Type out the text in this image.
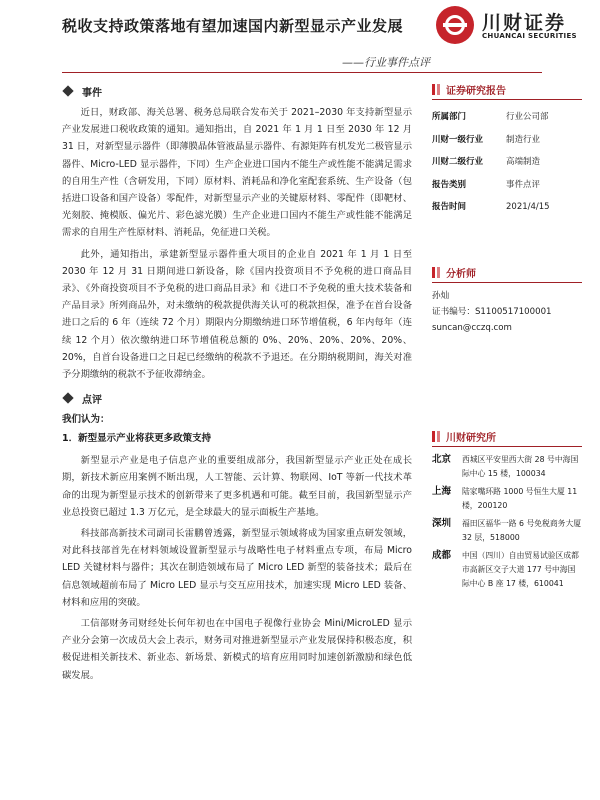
税收支持政策落地有望加速国内新型显示产业发展
——行业事件点评
川财证券
CHUANCAI SECURITIES
事件

近日，财政部、海关总署、税务总局联合发布关于 2021–2030 年支持新型显示产业发展进口税收政策的通知。通知指出，自 2021 年 1 月 1 日至 2030 年 12 月 31 日，对新型显示器件（即薄膜晶体管液晶显示器件、有源矩阵有机发光二极管显示器件、Micro-LED 显示器件，下同）生产企业进口国内不能生产或性能不能满足需求的自用生产性（含研发用，下同）原材料、消耗品和净化室配套系统、生产设备（包括进口设备和国产设备）零配件，对新型显示产业的关键原材料、零配件（即靶材、光刻胶、掩模版、偏光片、彩色滤光膜）生产企业进口国内不能生产或性能不能满足需求的自用生产性原材料、消耗品，免征进口关税。

此外，通知指出，承建新型显示器件重大项目的企业自 2021 年 1 月 1 日至 2030 年 12 月 31 日期间进口新设备，除《国内投资项目不予免税的进口商品目录》、《外商投资项目不予免税的进口商品目录》和《进口不予免税的重大技术装备和产品目录》所列商品外，对未缴纳的税款提供海关认可的税款担保，准予在首台设备进口之后的 6 年（连续 72 个月）期限内分期缴纳进口环节增值税，6 年内每年（连续 12 个月）依次缴纳进口环节增值税总额的 0%、20%、20%、20%、20%、20%，自首台设备进口之日起已经缴纳的税款不予退还。在分期纳税期间，海关对准予分期缴纳的税款不予征收滞纳金。

点评
我们认为：
1．新型显示产业将获更多政策支持

新型显示产业是电子信息产业的重要组成部分，我国新型显示产业正处在成长期，新技术新应用案例不断出现，人工智能、云计算、物联网、IoT 等新一代技术革命的出现为新型显示技术的创新带来了更多机遇和可能。截至目前，我国新型显示产业总投资已超过 1.3 万亿元，是全球最大的显示面板生产基地。

科技部高新技术司副司长雷鹏曾透露，新型显示领域将成为国家重点研发领域，对此科技部首先在材料领域设置新型显示与战略性电子材料重点专项，布局 Micro LED 关键材料与器件；其次在制造领域布局了 Micro LED 新型的装备技术；最后在信息领域超前布局了 Micro LED 显示与交互应用技术，加速实现 Micro LED 装备、材料和应用的突破。

工信部财务司财经处长何年初也在中国电子视像行业协会 Mini/MicroLED 显示产业分会第一次成员大会上表示，财务司对推进新型显示产业发展保持积极态度，积极促进相关新技术、新业态、新场景、新模式的培育应用同时加速创新激励和绿色低碳发展。

证券研究报告
所属部门	行业公司部
川财一级行业	制造行业
川财二级行业	高端制造
报告类别	事件点评
报告时间	2021/4/15
分析师
孙灿
证书编号：S1100517100001
suncan@cczq.com
川财研究所
北京	西城区平安里西大街 28 号中海国际中心 15 楼，100034
上海	陆家嘴环路 1000 号恒生大厦 11 楼，200120
深圳	福田区福华一路 6 号免税商务大厦 32 层，518000
成都	中国（四川）自由贸易试验区成都市高新区交子大道 177 号中海国际中心 B 座 17 楼，610041
